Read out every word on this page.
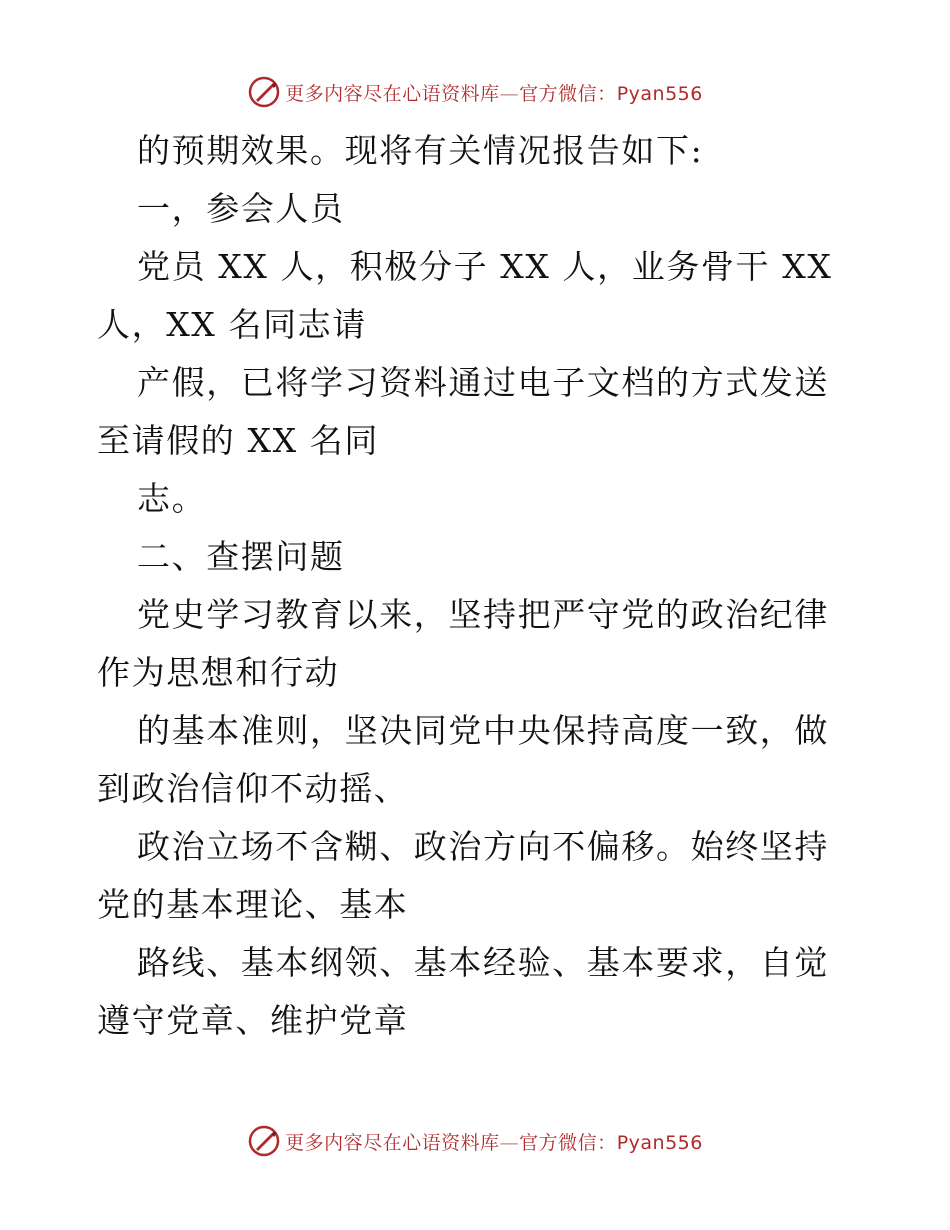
更多内容尽在心语资料库—官方微信：Pyan556

的预期效果。现将有关情况报告如下:

一，参会人员

党员 XX 人，积极分子 XX 人，业务骨干 XX 人，XX 名同志请

产假，已将学习资料通过电子文档的方式发送至请假的 XX 名同

志。

二、查摆问题

党史学习教育以来，坚持把严守党的政治纪律作为思想和行动

的基本准则，坚决同党中央保持高度一致，做到政治信仰不动摇、

政治立场不含糊、政治方向不偏移。始终坚持党的基本理论、基本

路线、基本纲领、基本经验、基本要求，自觉遵守党章、维护党章

更多内容尽在心语资料库—官方微信：Pyan556
